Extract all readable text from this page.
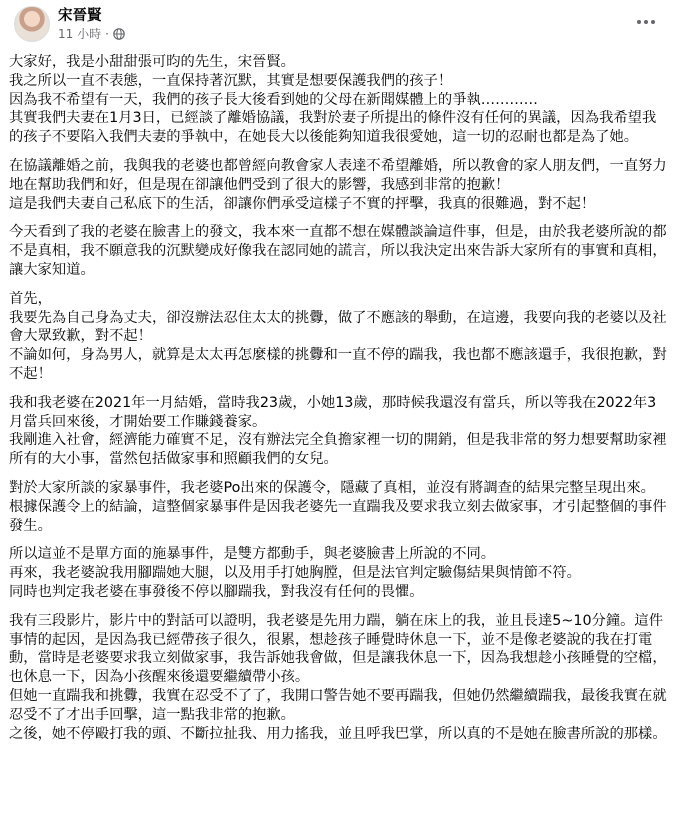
宋晉賢
11 小時 ·
大家好，我是小甜甜張可昀的先生，宋晉賢。
我之所以一直不表態，一直保持著沉默，其實是想要保護我們的孩子！
因為我不希望有一天，我們的孩子長大後看到她的父母在新聞媒體上的爭執…………
其實我們夫妻在1月3日，已經談了離婚協議，我對於妻子所提出的條件沒有任何的異議，因為我希望我的孩子不要陷入我們夫妻的爭執中，在她長大以後能夠知道我很愛她，這一切的忍耐也都是為了她。
在協議離婚之前，我與我的老婆也都曾經向教會家人表達不希望離婚，所以教會的家人朋友們，一直努力地在幫助我們和好，但是現在卻讓他們受到了很大的影響，我感到非常的抱歉！
這是我們夫妻自己私底下的生活，卻讓你們承受這樣子不實的抨擊，我真的很難過，對不起！
今天看到了我的老婆在臉書上的發文，我本來一直都不想在媒體談論這件事，但是，由於我老婆所說的都不是真相，我不願意我的沉默變成好像我在認同她的謊言，所以我決定出來告訴大家所有的事實和真相，讓大家知道。
首先，
我要先為自己身為丈夫，卻沒辦法忍住太太的挑釁，做了不應該的舉動，在這邊，我要向我的老婆以及社會大眾致歉，對不起！
不論如何，身為男人，就算是太太再怎麼樣的挑釁和一直不停的踹我，我也都不應該還手，我很抱歉，對不起！
我和我老婆在2021年一月結婚，當時我23歲，小她13歲，那時候我還沒有當兵，所以等我在2022年3月當兵回來後，才開始要工作賺錢養家。
我剛進入社會，經濟能力確實不足，沒有辦法完全負擔家裡一切的開銷，但是我非常的努力想要幫助家裡所有的大小事，當然包括做家事和照顧我們的女兒。
對於大家所談的家暴事件，我老婆Po出來的保護令，隱藏了真相，並沒有將調查的結果完整呈現出來。
根據保護令上的結論，這整個家暴事件是因我老婆先一直踹我及要求我立刻去做家事，才引起整個的事件發生。
所以這並不是單方面的施暴事件，是雙方都動手，與老婆臉書上所說的不同。
再來，我老婆說我用腳踹她大腿，以及用手打她胸膛，但是法官判定驗傷結果與情節不符。
同時也判定我老婆在事發後不停以腳踹我，對我沒有任何的畏懼。
我有三段影片，影片中的對話可以證明，我老婆是先用力踹，躺在床上的我，並且長達5~10分鐘。這件事情的起因，是因為我已經帶孩子很久，很累，想趁孩子睡覺時休息一下，並不是像老婆說的我在打電動，當時是老婆要求我立刻做家事，我告訴她我會做，但是讓我休息一下，因為我想趁小孩睡覺的空檔，也休息一下，因為小孩醒來後還要繼續帶小孩。
但她一直踹我和挑釁，我實在忍受不了了，我開口警告她不要再踹我，但她仍然繼續踹我，最後我實在就忍受不了才出手回擊，這一點我非常的抱歉。
之後，她不停毆打我的頭、不斷拉扯我、用力搖我，並且呼我巴掌，所以真的不是她在臉書所說的那樣。
